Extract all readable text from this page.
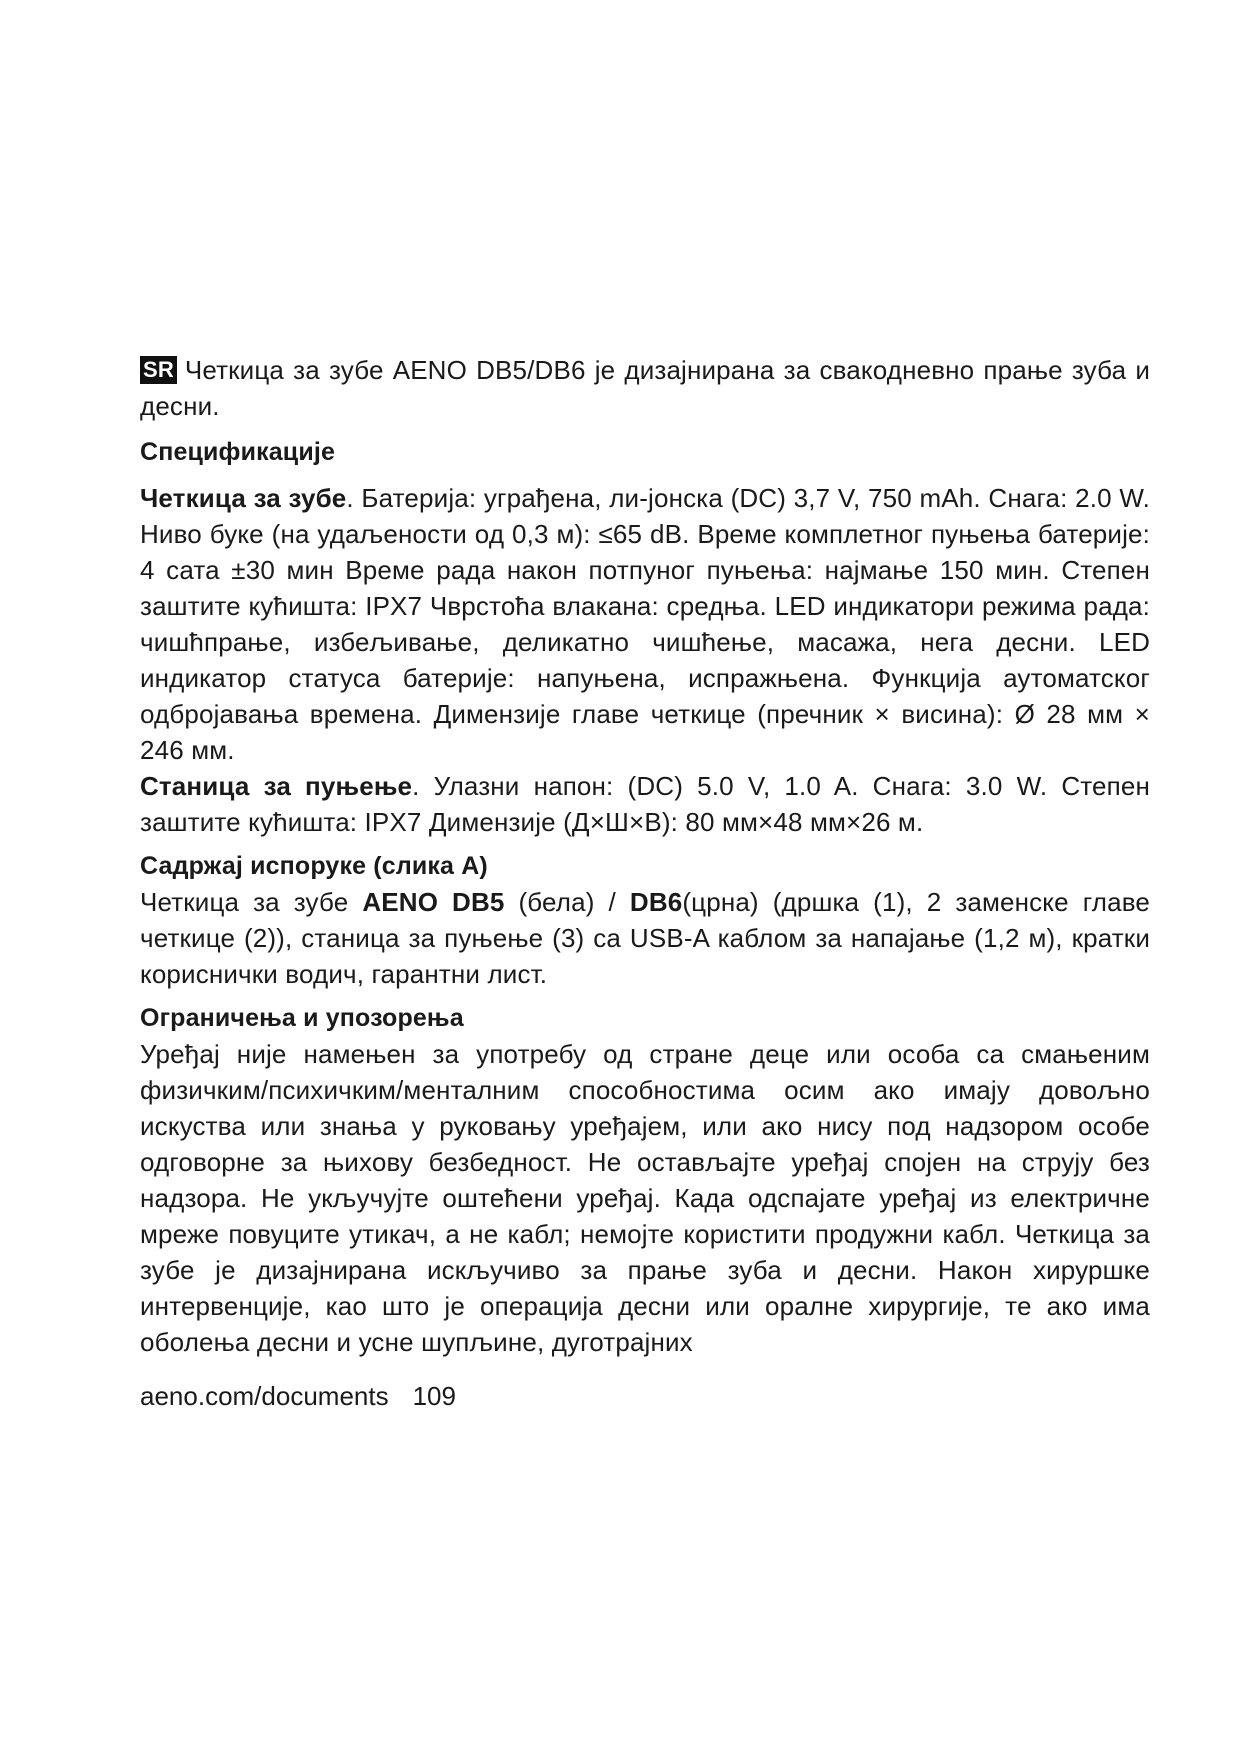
SR Четкица за зубе AENO DB5/DB6 је дизајнирана за свакодневно прање зуба и десни.

Спецификације

Четкица за зубе. Батерија: уграђена, ли-јонска (DC) 3,7 V, 750 mAh. Снага: 2.0 W. Ниво буке (на удаљености од 0,3 м): ≤65 dB. Време комплетног пуњења батерије: 4 сата ±30 мин Време рада након потпуног пуњења: најмање 150 мин. Степен заштите кућишта: IPX7 Чврстоћа влакана: средња. LED индикатори режима рада: чишћпрање, избељивање, деликатно чишћење, масажа, нега десни. LED индикатор статуса батерије: напуњена, испражњена. Функција аутоматског одбројавања времена. Димензије главе четкице (пречник × висина): Ø 28 мм × 246 мм.

Станица за пуњење. Улазни напон: (DC) 5.0 V, 1.0 A. Снага: 3.0 W. Степен заштите кућишта: IPX7 Димензије (Д×Ш×В): 80 мм×48 мм×26 м.

Садржај испоруке (слика А)

Четкица за зубе AENO DB5 (бела) / DB6(црна) (дршка (1), 2 заменске главе четкице (2)), станица за пуњење (3) са USB-A каблом за напајање (1,2 м), кратки кориснички водич, гарантни лист.

Ограничења и упозорења

Уређај није намењен за употребу од стране деце или особа са смањеним физичким/психичким/менталним способностима осим ако имају довољно искуства или знања у руковању уређајем, или ако нису под надзором особе одговорне за њихову безбедност. Не остављајте уређај спојен на струју без надзора. Не укључујте оштећени уређај. Када одспајате уређај из електричне мреже повуците утикач, а не кабл; немојте користити продужни кабл. Четкица за зубе је дизајнирана искључиво за прање зуба и десни. Након хируршке интервенције, као што је операција десни или оралне хирургије, те ако има оболења десни и усне шупљине, дуготрајних

aeno.com/documents 109
